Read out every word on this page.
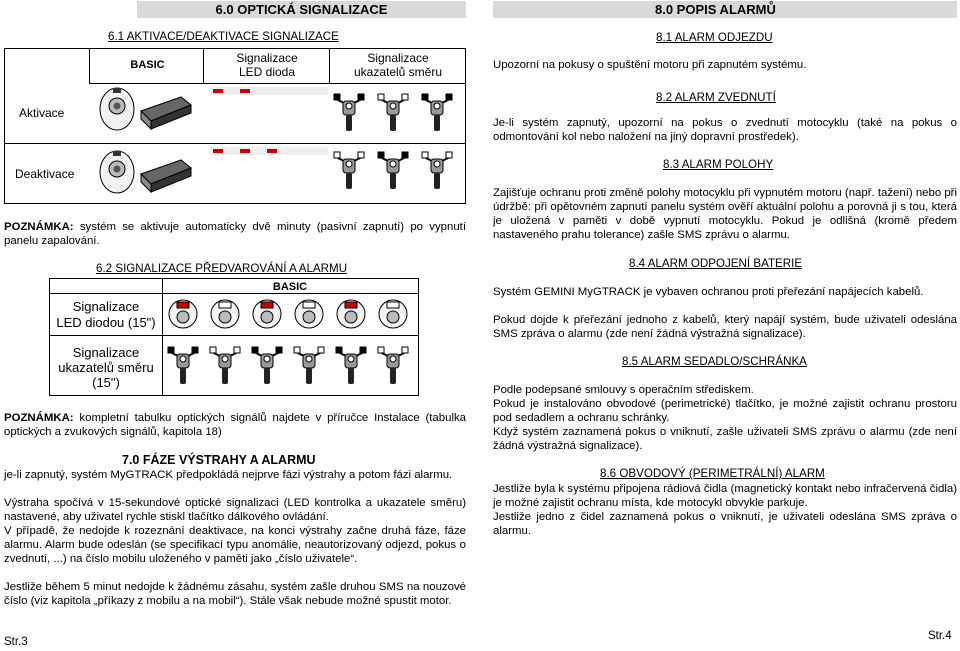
6.0 OPTICKÁ SIGNALIZACE
6.1 AKTIVACE/DEAKTIVACE SIGNALIZACE
BASIC	Signalizace
LED dioda
Signalizace
ukazatelů směru
Aktivace
Deaktivace
POZNÁMKA: systém se aktivuje automaticky dvě minuty (pasivní zapnutí) po vypnutí panelu zapalování.
6.2 SIGNALIZACE PŘEDVAROVÁNÍ A ALARMU
BASIC
Signalizace
LED diodou (15")
Signalizace
ukazatelů směru
(15")
POZNÁMKA: kompletní tabulku optických signálů najdete v příručce Instalace (tabulka optických a zvukových signálů, kapitola 18)
7.0 FÁZE VÝSTRAHY A ALARMU
je-li zapnutý, systém MyGTRACK předpokládá nejprve fázi výstrahy a potom fázi alarmu.
Výstraha spočívá v 15-sekundové optické signalizaci (LED kontrolka a ukazatele směru) nastavené, aby uživatel rychle stiskl tlačítko dálkového ovládání.
V případě, že nedojde k rozeznání deaktivace, na konci výstrahy začne druhá fáze, fáze alarmu. Alarm bude odeslán (se specifikací typu anomálie, neautorizovaný odjezd, pokus o zvednutí, ...) na číslo mobilu uloženého v paměti jako „číslo uživatele“.
Jestliže během 5 minut nedojde k žádnému zásahu, systém zašle druhou SMS na nouzové číslo (viz kapitola „příkazy z mobilu a na mobil“). Stále však nebude možné spustit motor.
Str.3
8.0 POPIS ALARMŮ
8.1 ALARM ODJEZDU
Upozorní na pokusy o spuštění motoru při zapnutém systému.
8.2 ALARM ZVEDNUTÍ
Je-li systém zapnutý, upozorní na pokus o zvednutí motocyklu (také na pokus o odmontování kol nebo naložení na jiný dopravní prostředek).
8.3 ALARM POLOHY
Zajišťuje ochranu proti změně polohy motocyklu při vypnutém motoru (např. tažení) nebo při údržbě: při opětovném zapnutí panelu systém ověří aktuální polohu a porovná ji s tou, která je uložená v paměti v době vypnutí motocyklu. Pokud je odlišná (kromě předem nastaveného prahu tolerance) zašle SMS zprávu o alarmu.
8.4 ALARM ODPOJENÍ BATERIE
Systém GEMINI MyGTRACK je vybaven ochranou proti přeřezání napájecích kabelů.
Pokud dojde k přeřezání jednoho z kabelů, který napájí systém, bude uživateli odeslána SMS zpráva o alarmu (zde není žádná výstražná signalizace).
8.5 ALARM SEDADLO/SCHRÁNKA
Podle podepsané smlouvy s operačním střediskem.
Pokud je instalováno obvodové (perimetrické) tlačítko, je možné zajistit ochranu prostoru pod sedadlem a ochranu schránky.
Když systém zaznamená pokus o vniknutí, zašle uživateli SMS zprávu o alarmu (zde není žádná výstražná signalizace).
8.6 OBVODOVÝ (PERIMETRÁLNÍ) ALARM
Jestliže byla k systému připojena rádiová čidla (magnetický kontakt nebo infračervená čidla) je možné zajistit ochranu místa, kde motocykl obvykle parkuje.
Jestliže jedno z čidel zaznamená pokus o vniknutí, je uživateli odeslána SMS zpráva o alarmu.
Str.4
